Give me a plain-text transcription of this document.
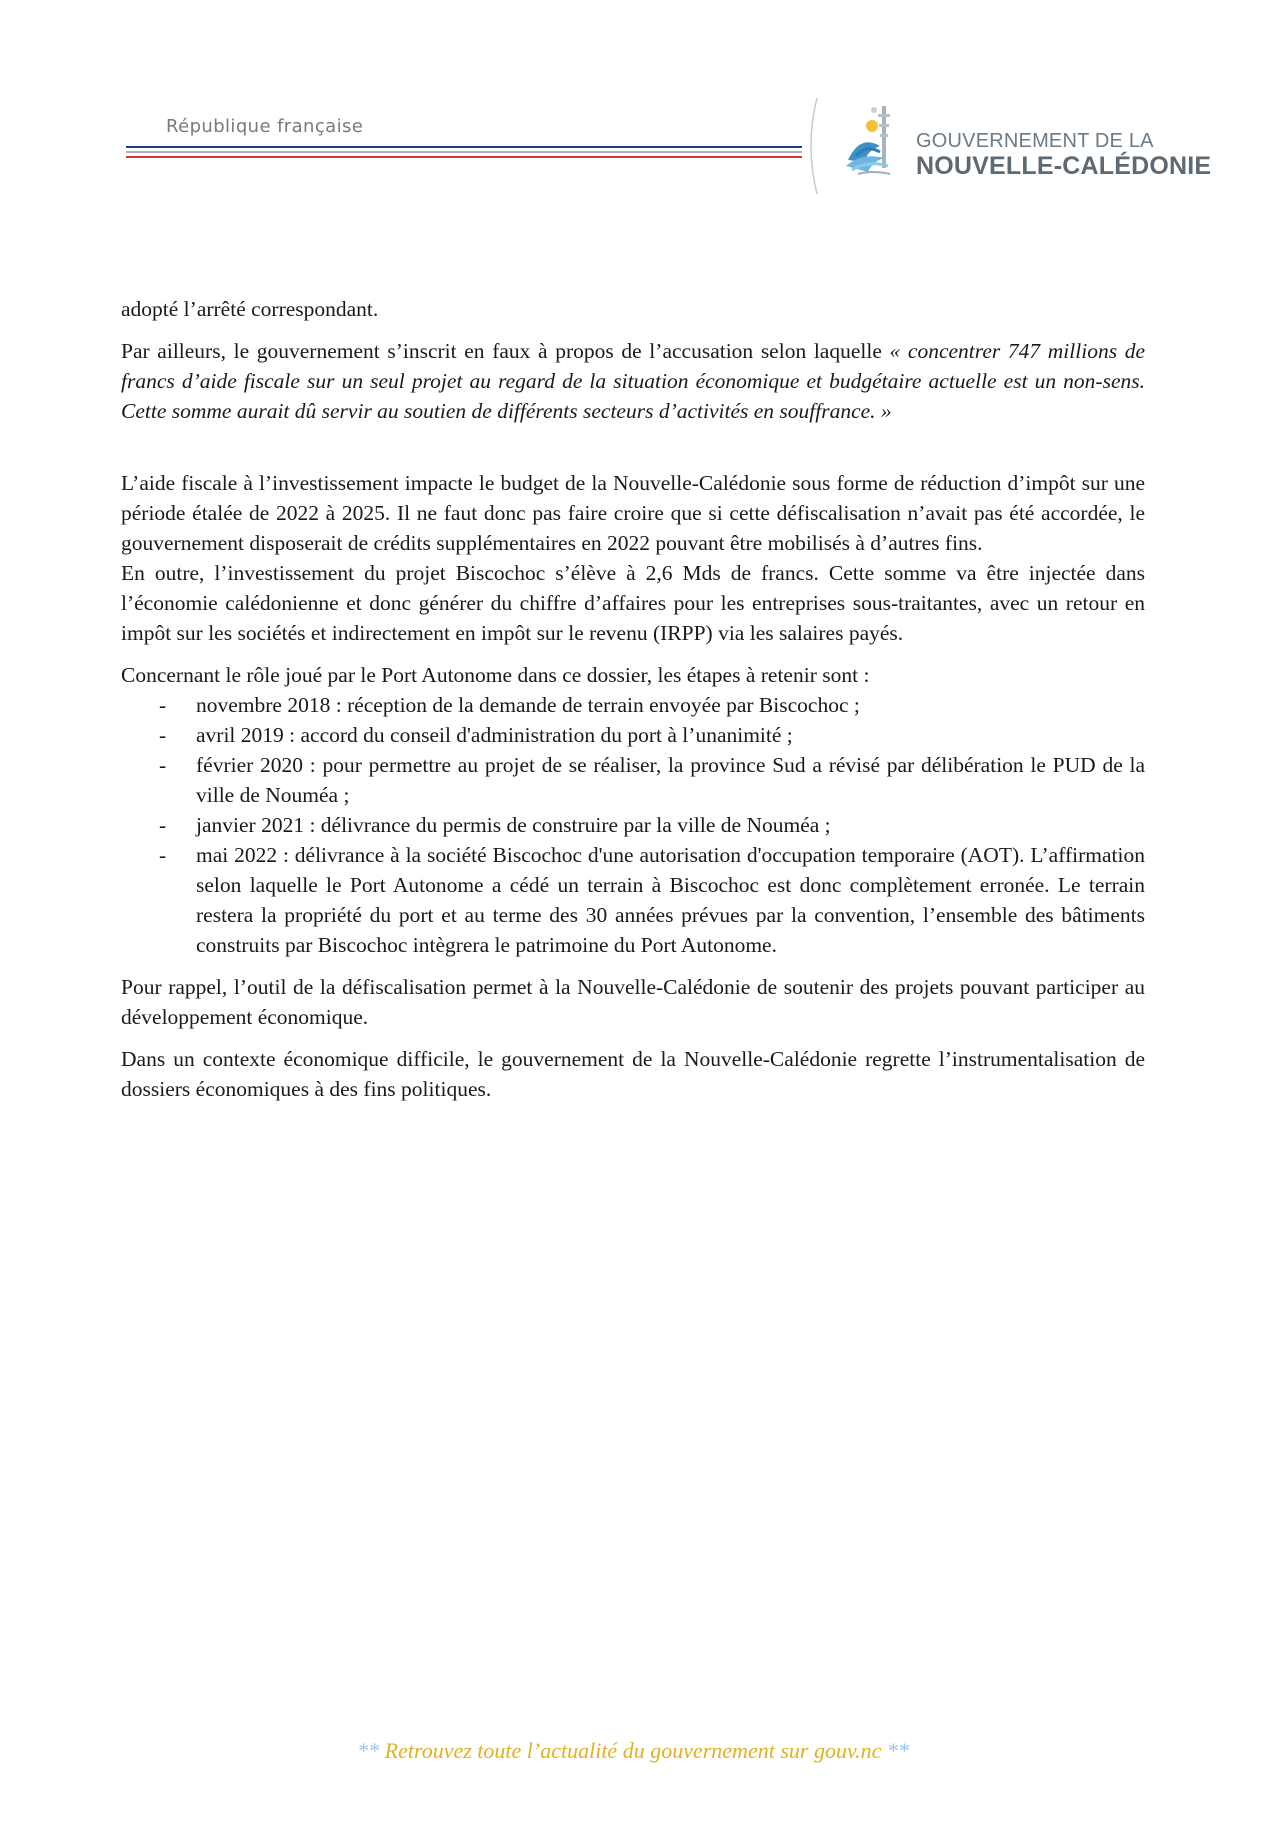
République française
GOUVERNEMENT DE LA
NOUVELLE-CALÉDONIE

adopté l’arrêté correspondant.

Par ailleurs, le gouvernement s’inscrit en faux à propos de l’accusation selon laquelle « concentrer 747 millions de francs d’aide fiscale sur un seul projet au regard de la situation économique et budgétaire actuelle est un non-sens. Cette somme aurait dû servir au soutien de différents secteurs d’activités en souffrance. »

L’aide fiscale à l’investissement impacte le budget de la Nouvelle-Calédonie sous forme de réduction d’impôt sur une période étalée de 2022 à 2025. Il ne faut donc pas faire croire que si cette défiscalisation n’avait pas été accordée, le gouvernement disposerait de crédits supplémentaires en 2022 pouvant être mobilisés à d’autres fins.

En outre, l’investissement du projet Biscochoc s’élève à 2,6 Mds de francs. Cette somme va être injectée dans l’économie calédonienne et donc générer du chiffre d’affaires pour les entreprises sous-traitantes, avec un retour en impôt sur les sociétés et indirectement en impôt sur le revenu (IRPP) via les salaires payés.

Concernant le rôle joué par le Port Autonome dans ce dossier, les étapes à retenir sont :

- novembre 2018 : réception de la demande de terrain envoyée par Biscochoc ;
- avril 2019 : accord du conseil d'administration du port à l’unanimité ;
- février 2020 : pour permettre au projet de se réaliser, la province Sud a révisé par délibération le PUD de la ville de Nouméa ;
- janvier 2021 : délivrance du permis de construire par la ville de Nouméa ;
- mai 2022 : délivrance à la société Biscochoc d'une autorisation d'occupation temporaire (AOT). L’affirmation selon laquelle le Port Autonome a cédé un terrain à Biscochoc est donc complètement erronée. Le terrain restera la propriété du port et au terme des 30 années prévues par la convention, l’ensemble des bâtiments construits par Biscochoc intègrera le patrimoine du Port Autonome.

Pour rappel, l’outil de la défiscalisation permet à la Nouvelle-Calédonie de soutenir des projets pouvant participer au développement économique.

Dans un contexte économique difficile, le gouvernement de la Nouvelle-Calédonie regrette l’instrumentalisation de dossiers économiques à des fins politiques.

** Retrouvez toute l’actualité du gouvernement sur gouv.nc **
